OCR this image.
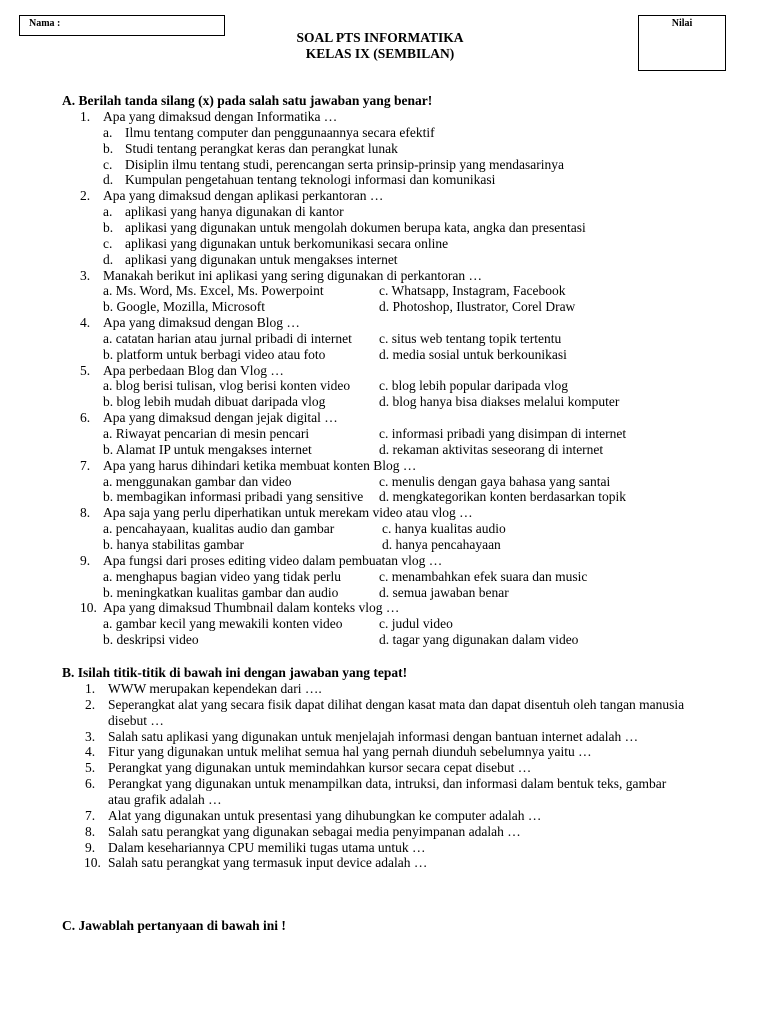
Nama :	Nilai
SOAL PTS INFORMATIKA
KELAS IX (SEMBILAN)
A. Berilah tanda silang (x) pada salah satu jawaban yang benar!
1. Apa yang dimaksud dengan Informatika …
a. Ilmu tentang computer dan penggunaannya secara efektif
b. Studi tentang perangkat keras dan perangkat lunak
c. Disiplin ilmu tentang studi, perencangan serta prinsip-prinsip yang mendasarinya
d. Kumpulan pengetahuan tentang teknologi informasi dan komunikasi
2. Apa yang dimaksud dengan aplikasi perkantoran …
a. aplikasi yang hanya digunakan di kantor
b. aplikasi yang digunakan untuk mengolah dokumen berupa kata, angka dan presentasi
c. aplikasi yang digunakan untuk berkomunikasi secara online
d. aplikasi yang digunakan untuk mengakses internet
3. Manakah berikut ini aplikasi yang sering digunakan di perkantoran …
a. Ms. Word, Ms. Excel, Ms. Powerpoint	c. Whatsapp, Instagram, Facebook
b. Google, Mozilla, Microsoft	d. Photoshop, Ilustrator, Corel Draw
4. Apa yang dimaksud dengan Blog …
a. catatan harian atau jurnal pribadi di internet c. situs web tentang topik tertentu
b. platform untuk berbagi video atau foto	d. media sosial untuk berkounikasi
5. Apa perbedaan Blog dan Vlog …
a. blog berisi tulisan, vlog berisi konten video c. blog lebih popular daripada vlog
b. blog lebih mudah dibuat daripada vlog	d. blog hanya bisa diakses melalui komputer
6. Apa yang dimaksud dengan jejak digital …
a. Riwayat pencarian di mesin pencari	c. informasi pribadi yang disimpan di internet
b. Alamat IP untuk mengakses internet	d. rekaman aktivitas seseorang di internet
7. Apa yang harus dihindari ketika membuat konten Blog …
a. menggunakan gambar dan video	c. menulis dengan gaya bahasa yang santai
b. membagikan informasi pribadi yang sensitive d. mengkategorikan konten berdasarkan topik
8. Apa saja yang perlu diperhatikan untuk merekam video atau vlog …
a. pencahayaan, kualitas audio dan gambar	c. hanya kualitas audio
b. hanya stabilitas gambar	d. hanya pencahayaan
9. Apa fungsi dari proses editing video dalam pembuatan vlog …
a. menghapus bagian video yang tidak perlu	c. menambahkan efek suara dan music
b. meningkatkan kualitas gambar dan audio	d. semua jawaban benar
10. Apa yang dimaksud Thumbnail dalam konteks vlog …
a. gambar kecil yang mewakili konten video	c. judul video
b. deskripsi video	d. tagar yang digunakan dalam video
B. Isilah titik-titik di bawah ini dengan jawaban yang tepat!
1. WWW merupakan kependekan dari ….
2. Seperangkat alat yang secara fisik dapat dilihat dengan kasat mata dan dapat disentuh oleh tangan manusia
disebut …
3. Salah satu aplikasi yang digunakan untuk menjelajah informasi dengan bantuan internet adalah …
4. Fitur yang digunakan untuk melihat semua hal yang pernah diunduh sebelumnya yaitu …
5. Perangkat yang digunakan untuk memindahkan kursor secara cepat disebut …
6. Perangkat yang digunakan untuk menampilkan data, intruksi, dan informasi dalam bentuk teks, gambar
atau grafik adalah …
7. Alat yang digunakan untuk presentasi yang dihubungkan ke computer adalah …
8. Salah satu perangkat yang digunakan sebagai media penyimpanan adalah …
9. Dalam kesehariannya CPU memiliki tugas utama untuk …
10. Salah satu perangkat yang termasuk input device adalah …
C. Jawablah pertanyaan di bawah ini !
